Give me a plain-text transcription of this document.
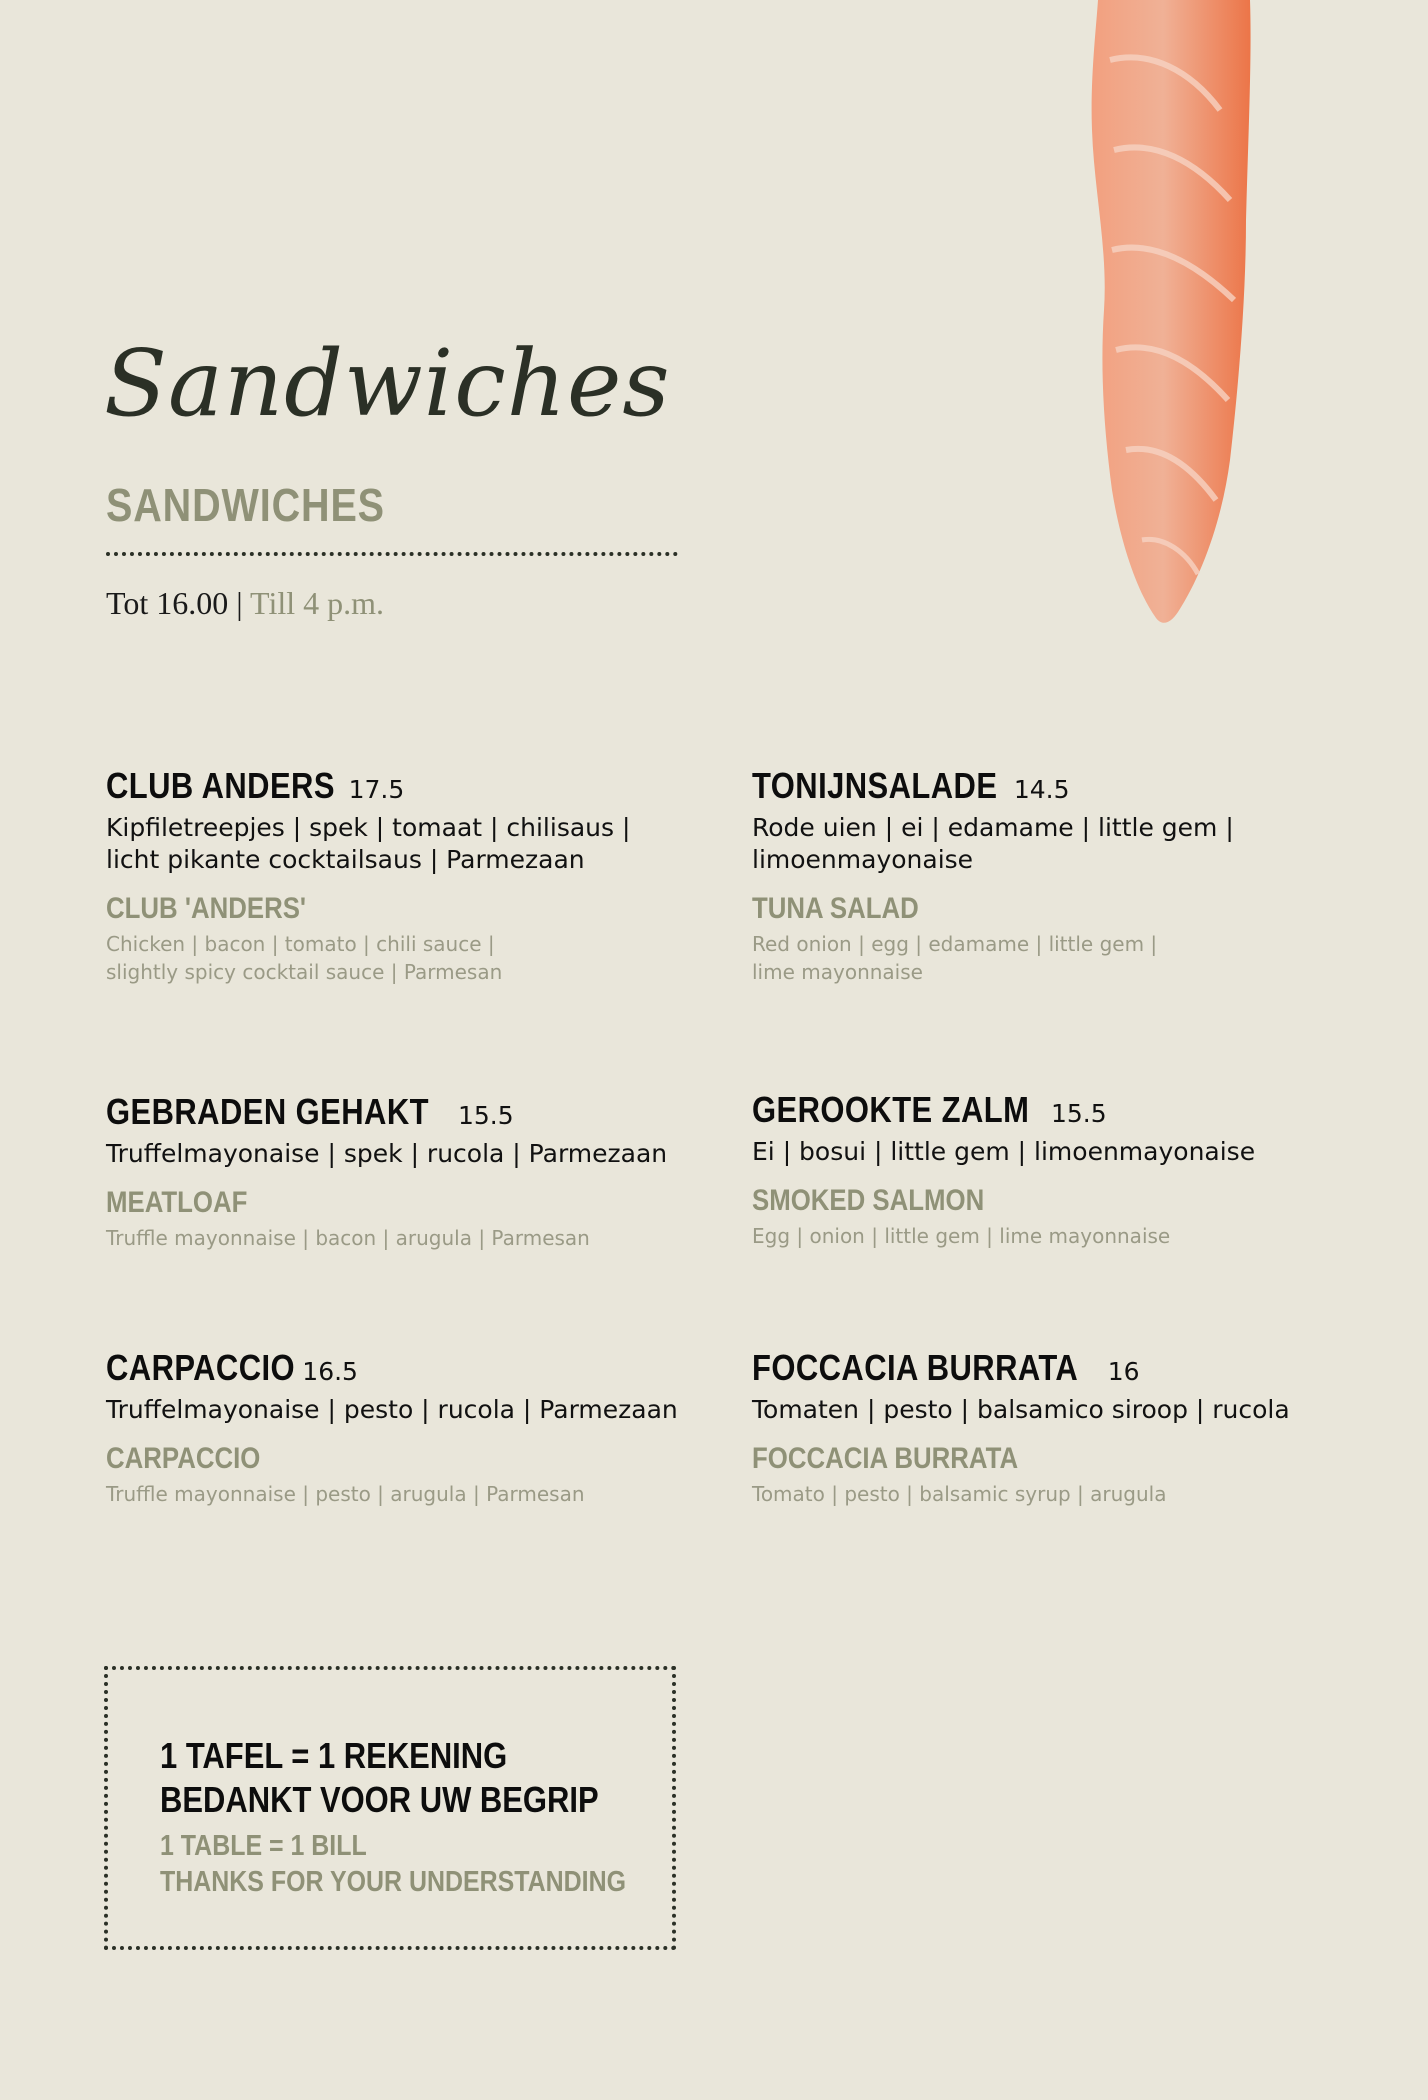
Sandwiches
SANDWICHES
Tot 16.00 | Till 4 p.m.
CLUB ANDERS 17.5
Kipfiletreepjes | spek | tomaat | chilisaus |
licht pikante cocktailsaus | Parmezaan
CLUB 'ANDERS'
Chicken | bacon | tomato | chili sauce |
slightly spicy cocktail sauce | Parmesan
TONIJNSALADE 14.5
Rode uien | ei | edamame | little gem |
limoenmayonaise
TUNA SALAD
Red onion | egg | edamame | little gem |
lime mayonnaise
GEBRADEN GEHAKT 15.5
Truffelmayonaise | spek | rucola | Parmezaan
MEATLOAF
Truffle mayonnaise | bacon | arugula | Parmesan
GEROOKTE ZALM 15.5
Ei | bosui | little gem | limoenmayonaise
SMOKED SALMON
Egg | onion | little gem | lime mayonnaise
CARPACCIO 16.5
Truffelmayonaise | pesto | rucola | Parmezaan
CARPACCIO
Truffle mayonnaise | pesto | arugula | Parmesan
FOCCACIA BURRATA 16
Tomaten | pesto | balsamico siroop | rucola
FOCCACIA BURRATA
Tomato | pesto | balsamic syrup | arugula
1 TAFEL = 1 REKENING
BEDANKT VOOR UW BEGRIP
1 TABLE = 1 BILL
THANKS FOR YOUR UNDERSTANDING
